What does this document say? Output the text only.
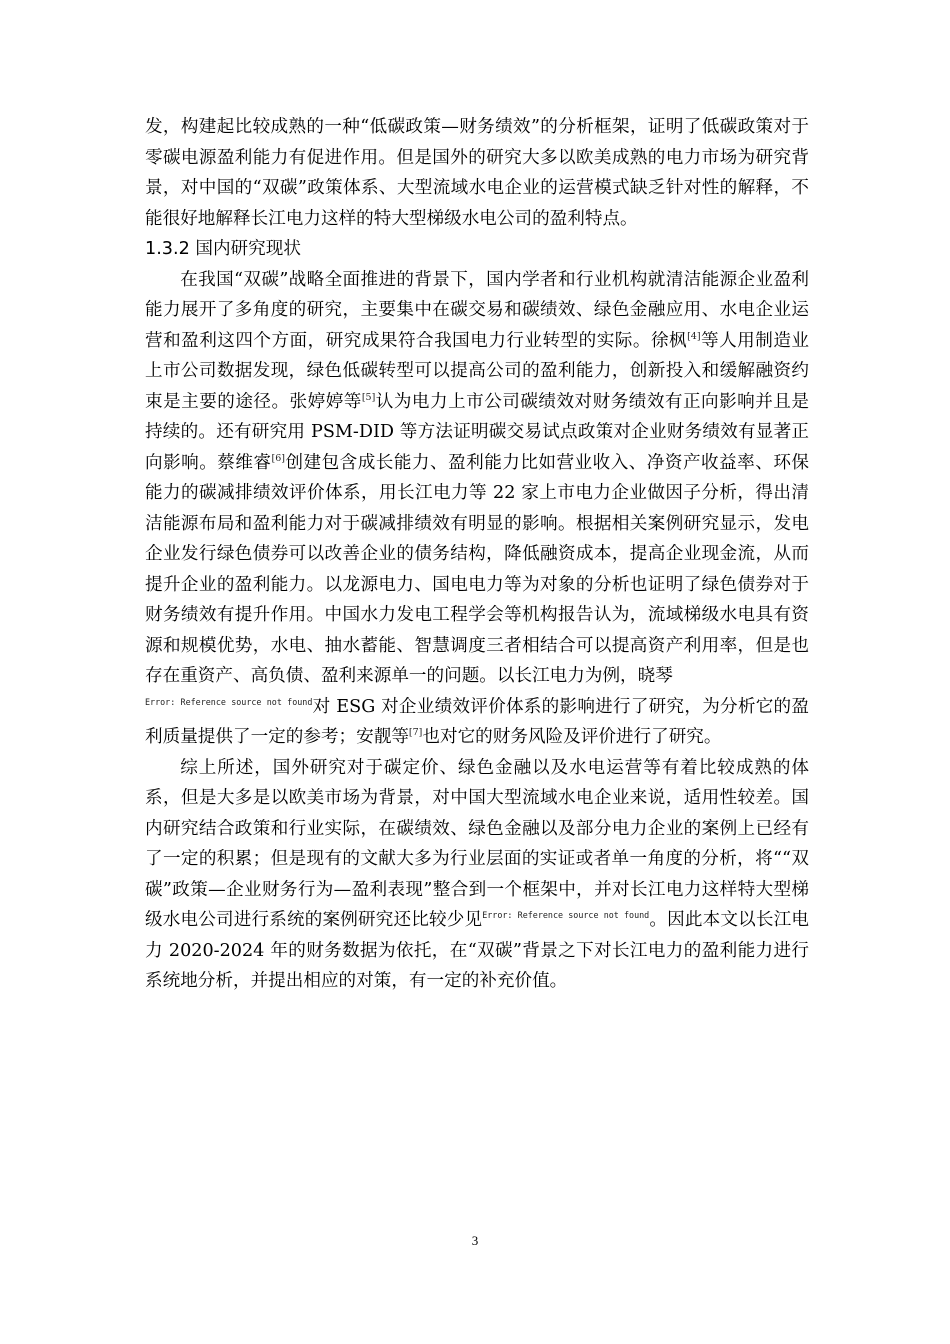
发，构建起比较成熟的一种“低碳政策—财务绩效”的分析框架，证明了低碳政策对于零碳电源盈利能力有促进作用。但是国外的研究大多以欧美成熟的电力市场为研究背景，对中国的“双碳”政策体系、大型流域水电企业的运营模式缺乏针对性的解释，不能很好地解释长江电力这样的特大型梯级水电公司的盈利特点。

1.3.2 国内研究现状

在我国“双碳”战略全面推进的背景下，国内学者和行业机构就清洁能源企业盈利能力展开了多角度的研究，主要集中在碳交易和碳绩效、绿色金融应用、水电企业运营和盈利这四个方面，研究成果符合我国电力行业转型的实际。徐枫[4]等人用制造业上市公司数据发现，绿色低碳转型可以提高公司的盈利能力，创新投入和缓解融资约束是主要的途径。张婷婷等[5]认为电力上市公司碳绩效对财务绩效有正向影响并且是持续的。还有研究用 PSM-DID 等方法证明碳交易试点政策对企业财务绩效有显著正向影响。蔡维睿[6]创建包含成长能力、盈利能力比如营业收入、净资产收益率、环保能力的碳减排绩效评价体系，用长江电力等 22 家上市电力企业做因子分析，得出清洁能源布局和盈利能力对于碳减排绩效有明显的影响。根据相关案例研究显示，发电企业发行绿色债券可以改善企业的债务结构，降低融资成本，提高企业现金流，从而提升企业的盈利能力。以龙源电力、国电电力等为对象的分析也证明了绿色债券对于财务绩效有提升作用。中国水力发电工程学会等机构报告认为，流域梯级水电具有资源和规模优势，水电、抽水蓄能、智慧调度三者相结合可以提高资产利用率，但是也存在重资产、高负债、盈利来源单一的问题。以长江电力为例，晓琴
$^{Error: Reference source not found}$对 ESG 对企业绩效评价体系的影响进行了研究，为分析它的盈利质量提供了一定的参考；安靓等[7]也对它的财务风险及评价进行了研究。

综上所述，国外研究对于碳定价、绿色金融以及水电运营等有着比较成熟的体系，但是大多是以欧美市场为背景，对中国大型流域水电企业来说，适用性较差。国内研究结合政策和行业实际，在碳绩效、绿色金融以及部分电力企业的案例上已经有了一定的积累；但是现有的文献大多为行业层面的实证或者单一角度的分析，将““双碳”政策—企业财务行为—盈利表现”整合到一个框架中，并对长江电力这样特大型梯级水电公司进行系统的案例研究还比较少见$^{Error: Reference source not found}$。因此本文以长江电力 2020-2024 年的财务数据为依托，在“双碳”背景之下对长江电力的盈利能力进行系统地分析，并提出相应的对策，有一定的补充价值。

3
